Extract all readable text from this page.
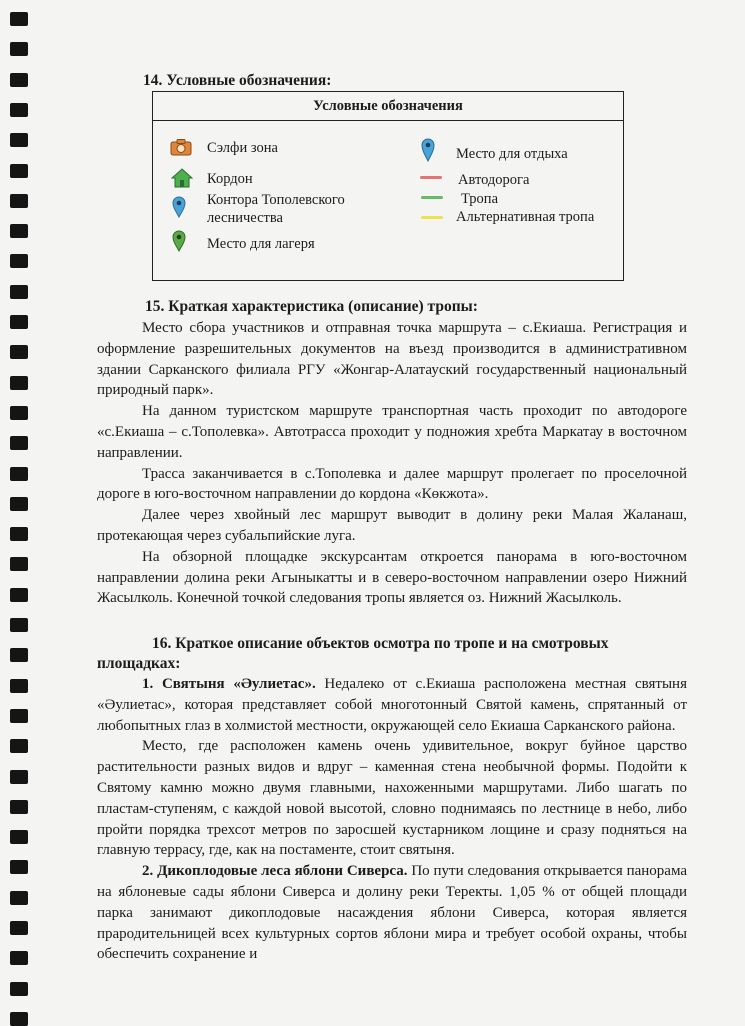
14. Условные обозначения:
Условные обозначения
Сэлфи зона
Кордон
Контора Тополевского лесничества
Место для лагеря
Место для отдыха
Автодорога
Тропа
Альтернативная тропа
15. Краткая характеристика (описание) тропы:

Место сбора участников и отправная точка маршрута – с.Екиаша. Регистрация и оформление разрешительных документов на въезд производится в административном здании Сарканского филиала РГУ «Жонгар-Алатауский государственный национальный природный парк».

На данном туристском маршруте транспортная часть проходит по автодороге «с.Екиаша – с.Тополевка». Автотрасса проходит у подножия хребта Маркатау в восточном направлении.

Трасса заканчивается в с.Тополевка и далее маршрут пролегает по проселочной дороге в юго-восточном направлении до кордона «Көкжота».

Далее через хвойный лес маршрут выводит в долину реки Малая Жаланаш, протекающая через субальпийские луга.

На обзорной площадке экскурсантам откроется панорама в юго-восточном направлении долина реки Агыныкатты и в северо-восточном направлении озеро Нижний Жасылколь. Конечной точкой следования тропы является оз. Нижний Жасылколь.

16. Краткое описание объектов осмотра по тропе и на смотровых площадках:

1. Святыня «Әулиетас». Недалеко от с.Екиаша расположена местная святыня «Әулиетас», которая представляет собой многотонный Святой камень, спрятанный от любопытных глаз в холмистой местности, окружающей село Екиаша Сарканского района.

Место, где расположен камень очень удивительное, вокруг буйное царство растительности разных видов и вдруг – каменная стена необычной формы. Подойти к Святому камню можно двумя главными, нахоженными маршрутами. Либо шагать по пластам-ступеням, с каждой новой высотой, словно поднимаясь по лестнице в небо, либо пройти порядка трехсот метров по заросшей кустарником лощине и сразу подняться на главную террасу, где, как на постаменте, стоит святыня.

2. Дикоплодовые леса яблони Сиверса. По пути следования открывается панорама на яблоневые сады яблони Сиверса и долину реки Теректы. 1,05 % от общей площади парка занимают дикоплодовые насаждения яблони Сиверса, которая является прародительницей всех культурных сортов яблони мира и требует особой охраны, чтобы обеспечить сохранение и
